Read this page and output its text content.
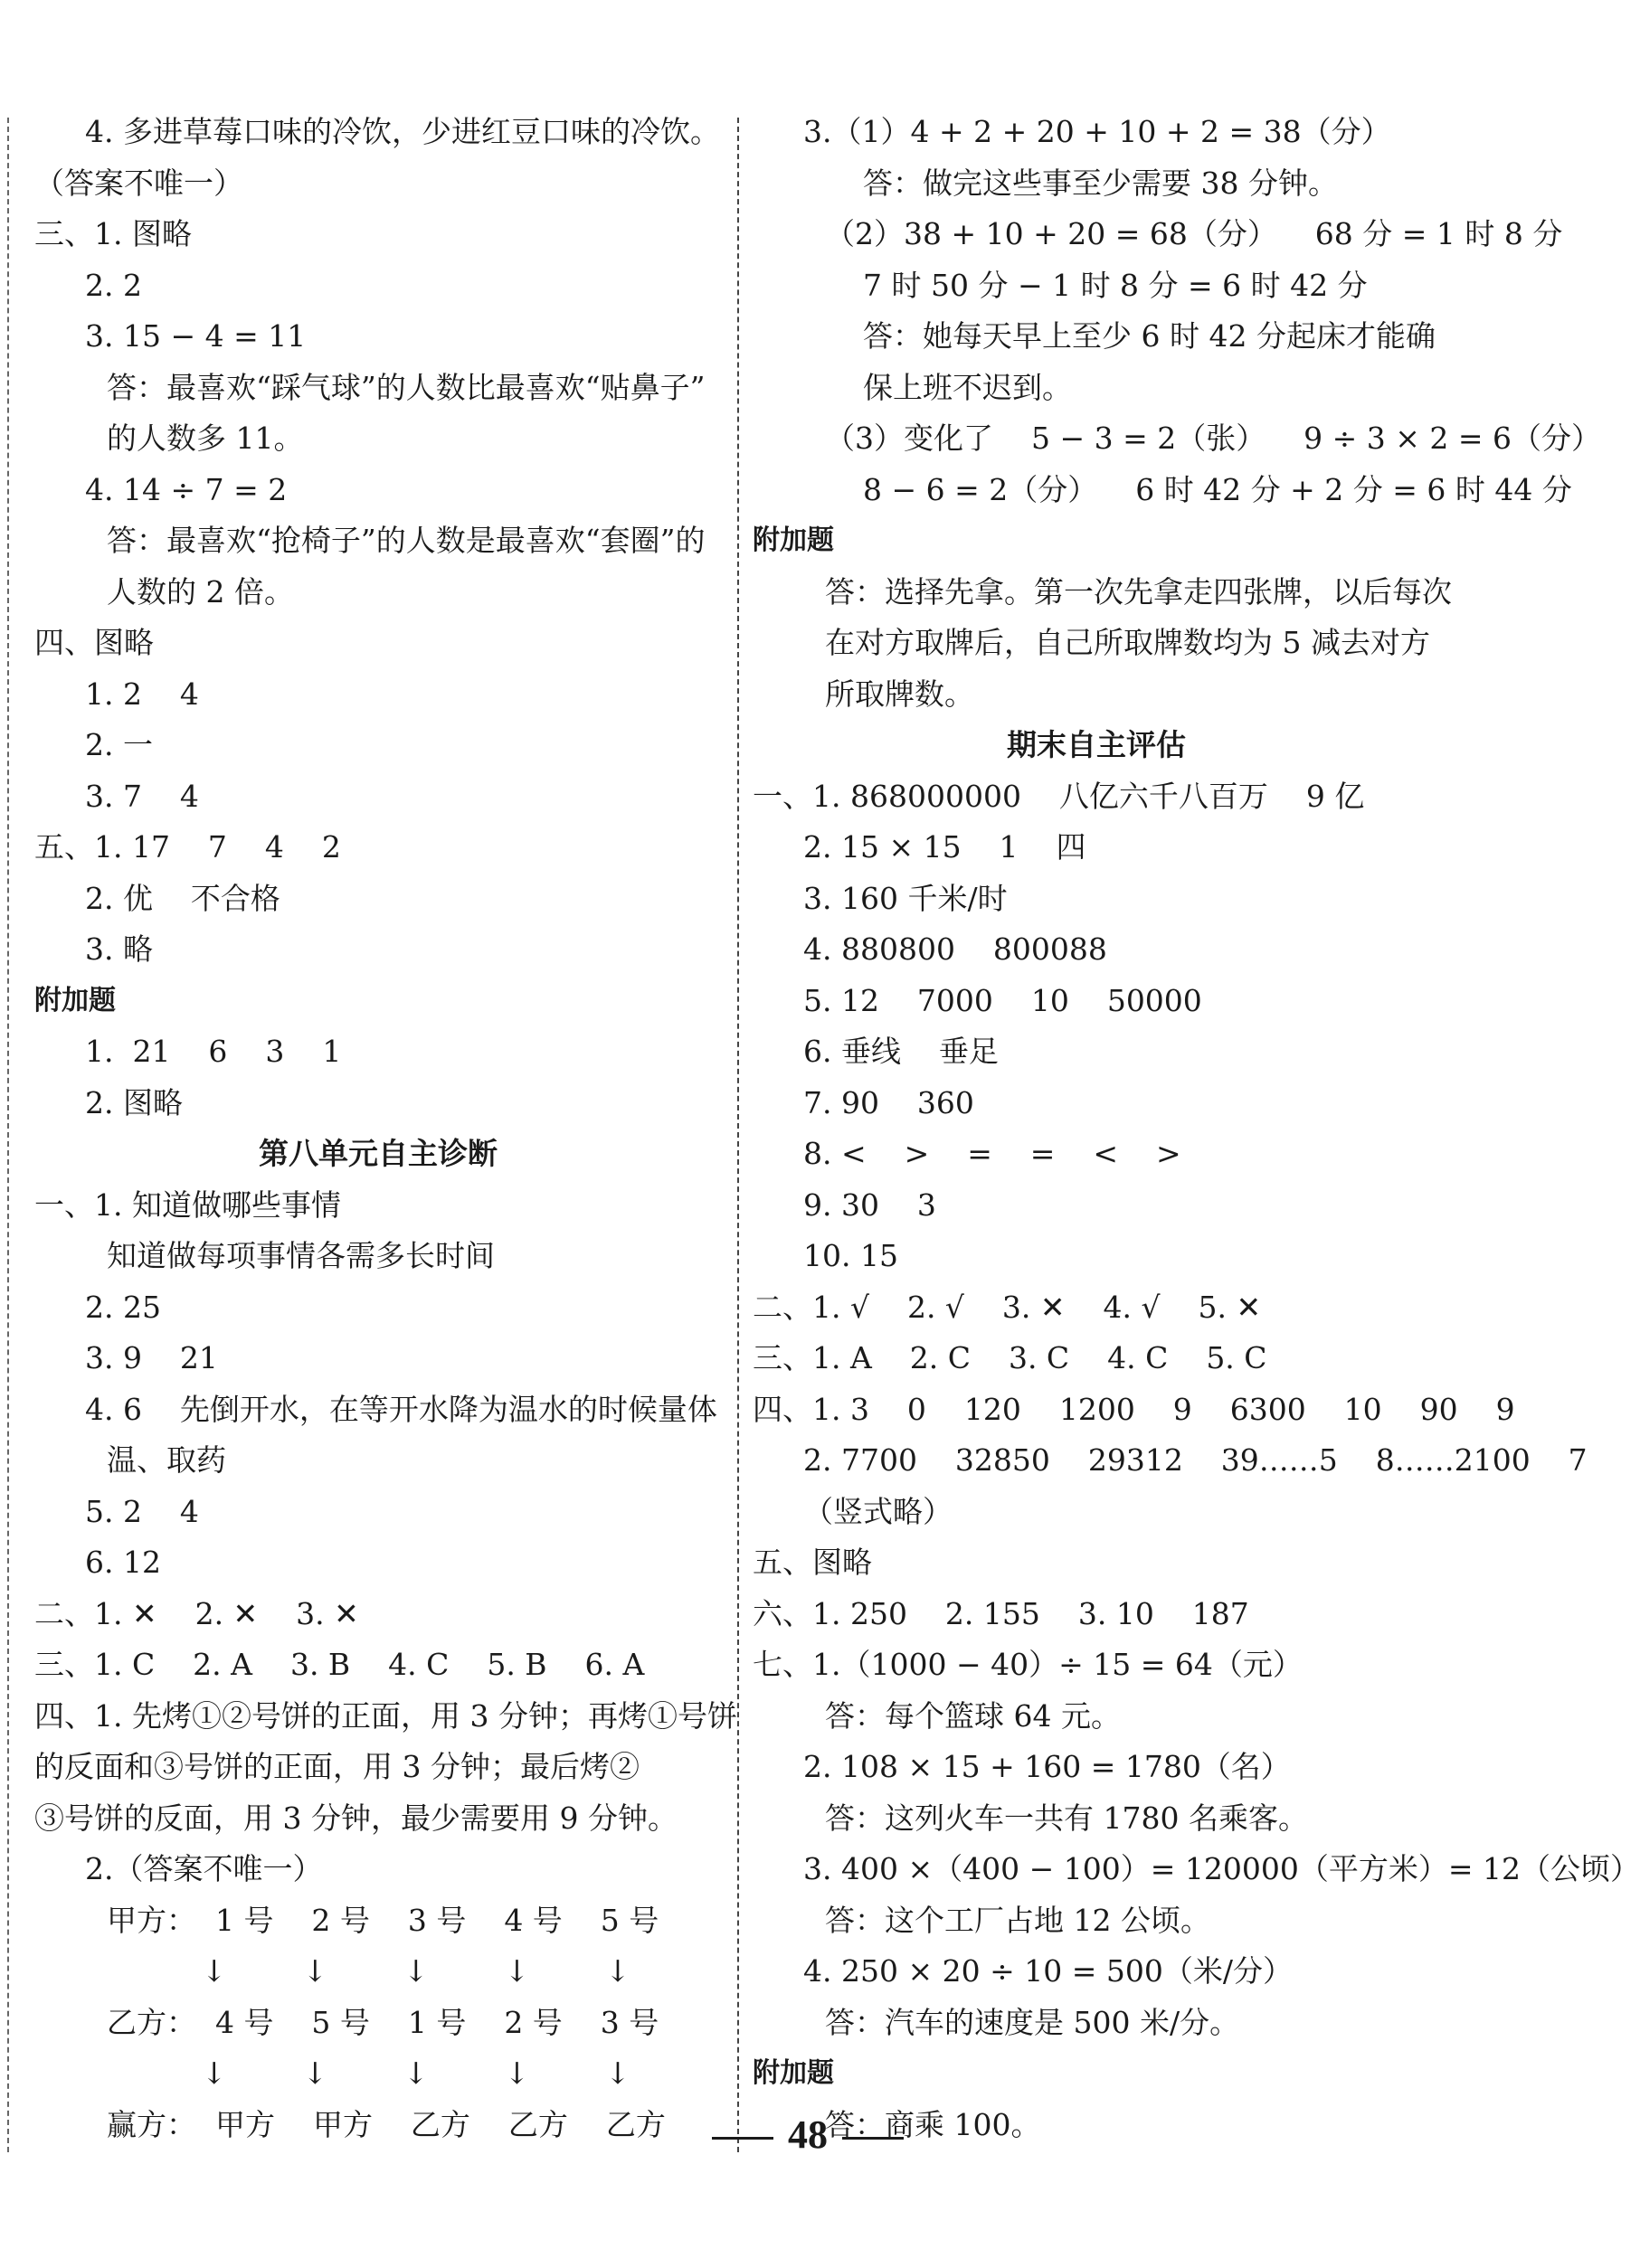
4. 多进草莓口味的冷饮，少进红豆口味的冷饮。
（答案不唯一）
三、1. 图略
2. 2
3. 15 − 4 = 11
答：最喜欢“踩气球”的人数比最喜欢“贴鼻子”
的人数多 11。
4. 14 ÷ 7 = 2
答：最喜欢“抢椅子”的人数是最喜欢“套圈”的
人数的 2 倍。
四、图略
1. 2    4
2. 一
3. 7    4
五、1. 17    7    4    2
2. 优    不合格
3. 略
附加题
1.  21    6    3    1
2. 图略
第八单元自主诊断
一、1. 知道做哪些事情
知道做每项事情各需多长时间
2. 25
3. 9    21
4. 6    先倒开水，在等开水降为温水的时候量体
温、取药
5. 2    4
6. 12
二、1. ✕    2. ✕    3. ✕
三、1. C    2. A    3. B    4. C    5. B    6. A
四、1. 先烤①②号饼的正面，用 3 分钟；再烤①号饼
的反面和③号饼的正面，用 3 分钟；最后烤②
③号饼的反面，用 3 分钟，最少需要用 9 分钟。
2.（答案不唯一）
甲方：  1 号    2 号    3 号    4 号    5 号
↓        ↓        ↓        ↓        ↓
乙方：  4 号    5 号    1 号    2 号    3 号
↓        ↓        ↓        ↓        ↓
赢方：  甲方    甲方    乙方    乙方    乙方
3.（1）4 + 2 + 20 + 10 + 2 = 38（分）
答：做完这些事至少需要 38 分钟。
（2）38 + 10 + 20 = 68（分）    68 分 = 1 时 8 分
7 时 50 分 − 1 时 8 分 = 6 时 42 分
答：她每天早上至少 6 时 42 分起床才能确
保上班不迟到。
（3）变化了    5 − 3 = 2（张）    9 ÷ 3 × 2 = 6（分）
8 − 6 = 2（分）    6 时 42 分 + 2 分 = 6 时 44 分
附加题
答：选择先拿。第一次先拿走四张牌，以后每次
在对方取牌后，自己所取牌数均为 5 减去对方
所取牌数。
期末自主评估
一、1. 868000000    八亿六千八百万    9 亿
2. 15 × 15    1    四
3. 160 千米/时
4. 880800    800088
5. 12    7000    10    50000
6. 垂线    垂足
7. 90    360
8. <    >    =    =    <    >
9. 30    3
10. 15
二、1. √    2. √    3. ✕    4. √    5. ✕
三、1. A    2. C    3. C    4. C    5. C
四、1. 3    0    120    1200    9    6300    10    90    9
2. 7700    32850    29312    39……5    8……2100    7
（竖式略）
五、图略
六、1. 250    2. 155    3. 10    187
七、1.（1000 − 40）÷ 15 = 64（元）
答：每个篮球 64 元。
2. 108 × 15 + 160 = 1780（名）
答：这列火车一共有 1780 名乘客。
3. 400 ×（400 − 100）= 120000（平方米）= 12（公顷）
答：这个工厂占地 12 公顷。
4. 250 × 20 ÷ 10 = 500（米/分）
答：汽车的速度是 500 米/分。
附加题
答：商乘 100。
48
